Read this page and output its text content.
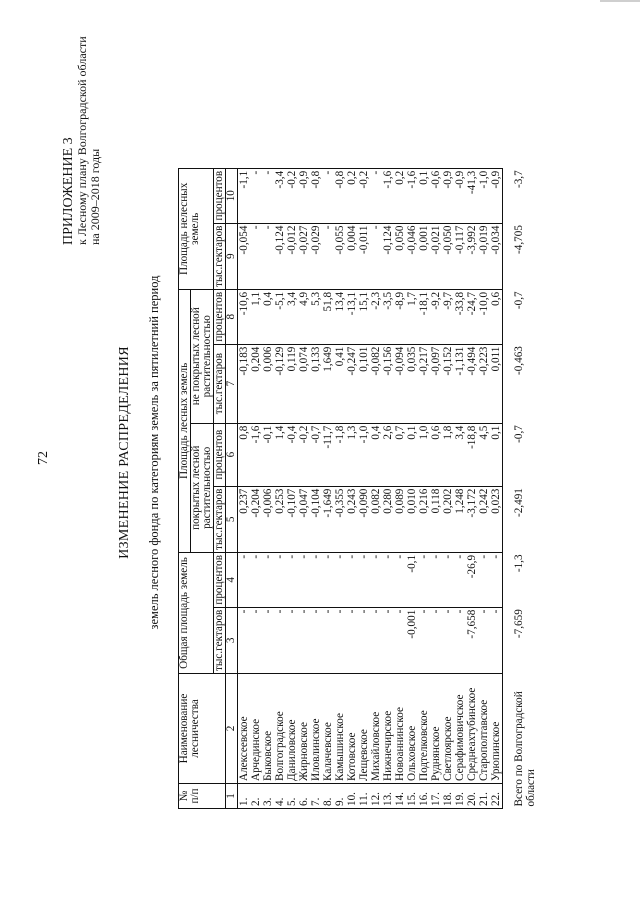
72
ПРИЛОЖЕНИЕ 3 к Лесному плану Волгоградской области на 2009–2018 годы
ИЗМЕНЕНИЕ РАСПРЕДЕЛЕНИЯ земель лесного фонда по категориям земель за пятилетний период
№ п/п	Наименование лесничества	Общая площадь земель		Площадь лесных земель				Площадь нелесных земель	
				покрытых лесной растительностью		не покрытых лесной растительностью			
		тыс.гектаров	процентов	тыс.гектаров	процентов	тыс.гектаров	процентов	тыс.гектаров	процентов
1	2	3	4	5	6	7	8	9	10
1.	Алексеевское	-	-	0,237	0,8	-0,183	-10,6	-0,054	-1,1
2.	Арчединское	-	-	-0,204	-1,6	0,204	1,1	-	-
3.	Быковское	-	-	-0,006	-0,1	0,006	0,4	-	-
4.	Волгоградское	-	-	0,253	1,4	-0,129	-5,1	-0,124	-3,4
5.	Даниловское	-	-	-0,107	-0,4	0,119	3,4	-0,012	-0,2
6.	Жирновское	-	-	-0,047	-0,2	0,074	4,9	-0,027	-0,9
7.	Иловлинское	-	-	-0,104	-0,7	0,133	5,3	-0,029	-0,8
8.	Калачевское	-	-	-1,649	-11,7	1,649	51,8	-	-
9.	Камышинское	-	-	-0,355	-1,8	0,41	13,4	-0,055	-0,8
10.	Котовское	-	-	0,243	1,3	-0,247	-13,1	0,004	0,2
11.	Лещевское	-	-	-0,090	-1,0	0,101	15,1	-0,011	-0,2
12.	Михайловское	-	-	0,082	0,4	-0,082	-2,3	-	-
13.	Нижнечирское	-	-	0,280	2,6	-0,156	-3,5	-0,124	-1,6
14.	Новоаннинское	-	-	0,089	0,7	-0,094	-8,9	0,050	0,2
15.	Ольховское	-0,001	-0,1	0,010	0,1	0,035	1,7	-0,046	-1,6
16.	Подтелковское	-	-	0,216	1,0	-0,217	-18,1	0,001	0,1
17.	Руднянское	-	-	0,118	0,6	-0,097	-9,2	-0,021	-0,6
18.	Светлоярское	-	-	0,202	1,8	-0,152	-9,7	-0,050	-0,9
19.	Серафимовичское	-	-	1,248	3,4	-1,131	-33,8	-0,117	-0,9
20.	Среднеахтубинское	-7,658	-26,9	-3,172	-18,8	-0,494	-24,7	-3,992	-41,3
21.	Старополтавское	-	-	0,242	4,5	-0,223	-10,0	-0,019	-1,0
22.	Урюпинское	-	-	0,023	0,1	0,011	0,6	-0,034	-0,9
Всего по Волгоградской области		-7,659	-1,3	-2,491	-0,7	-0,463	-0,7	-4,705	-3,7
